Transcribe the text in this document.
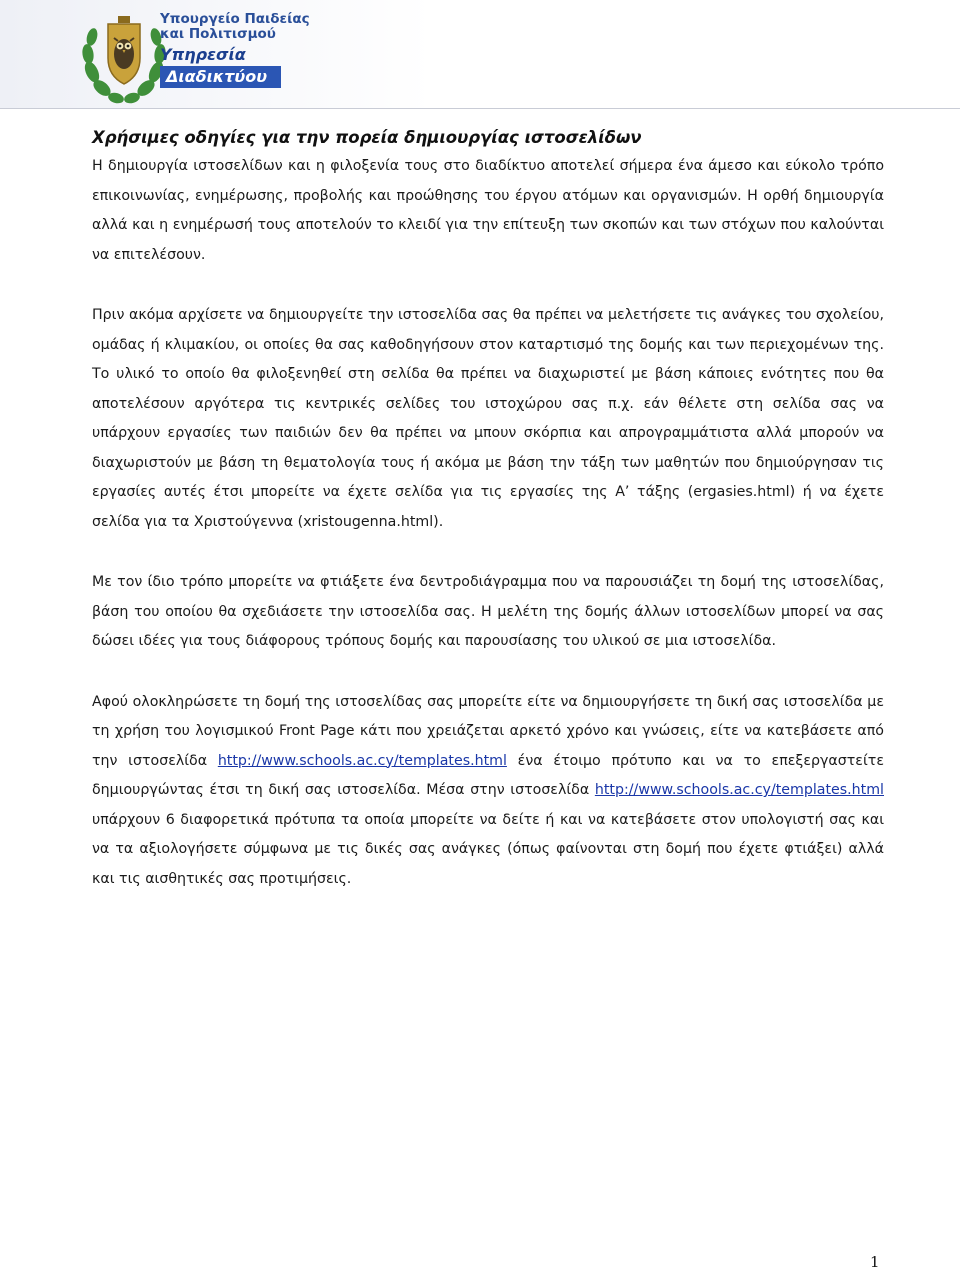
Υπουργείο Παιδείας
και Πολιτισμού
Υπηρεσία
Διαδικτύου
Χρήσιμες οδηγίες για την πορεία δημιουργίας ιστοσελίδων

Η δημιουργία ιστοσελίδων και η φιλοξενία τους στο διαδίκτυο αποτελεί σήμερα ένα άμεσο και εύκολο τρόπο επικοινωνίας, ενημέρωσης, προβολής και προώθησης του έργου ατόμων και οργανισμών. Η ορθή δημιουργία αλλά και η ενημέρωσή τους αποτελούν το κλειδί για την επίτευξη των σκοπών και των στόχων που καλούνται να επιτελέσουν.

Πριν ακόμα αρχίσετε να δημιουργείτε την ιστοσελίδα σας θα πρέπει να μελετήσετε τις ανάγκες του σχολείου, ομάδας ή κλιμακίου, οι οποίες θα σας καθοδηγήσουν στον καταρτισμό της δομής και των περιεχομένων της. Το υλικό το οποίο θα φιλοξενηθεί στη σελίδα θα πρέπει να διαχωριστεί με βάση κάποιες ενότητες που θα αποτελέσουν αργότερα τις κεντρικές σελίδες του ιστοχώρου σας π.χ. εάν θέλετε στη σελίδα σας να υπάρχουν εργασίες των παιδιών δεν θα πρέπει να μπουν σκόρπια και απρογραμμάτιστα αλλά μπορούν να διαχωριστούν με βάση τη θεματολογία τους ή ακόμα με βάση την τάξη των μαθητών που δημιούργησαν τις εργασίες αυτές έτσι μπορείτε να έχετε σελίδα για τις εργασίες της Α’ τάξης (ergasies.html) ή να έχετε σελίδα για τα Χριστούγεννα (xristougenna.html).

Με τον ίδιο τρόπο μπορείτε να φτιάξετε ένα δεντροδιάγραμμα που να παρουσιάζει τη δομή της ιστοσελίδας, βάση του οποίου θα σχεδιάσετε την ιστοσελίδα σας. Η μελέτη της δομής άλλων ιστοσελίδων μπορεί να σας δώσει ιδέες για τους διάφορους τρόπους δομής και παρουσίασης του υλικού σε μια ιστοσελίδα.

Αφού ολοκληρώσετε τη δομή της ιστοσελίδας σας μπορείτε είτε να δημιουργήσετε τη δική σας ιστοσελίδα με τη χρήση του λογισμικού Front Page κάτι που χρειάζεται αρκετό χρόνο και γνώσεις, είτε να κατεβάσετε από την ιστοσελίδα http://www.schools.ac.cy/templates.html ένα έτοιμο πρότυπο και να το επεξεργαστείτε δημιουργώντας έτσι τη δική σας ιστοσελίδα. Μέσα στην ιστοσελίδα http://www.schools.ac.cy/templates.html υπάρχουν 6 διαφορετικά πρότυπα τα οποία μπορείτε να δείτε ή και να κατεβάσετε στον υπολογιστή σας και να τα αξιολογήσετε σύμφωνα με τις δικές σας ανάγκες (όπως φαίνονται στη δομή που έχετε φτιάξει) αλλά και τις αισθητικές σας προτιμήσεις.

1
